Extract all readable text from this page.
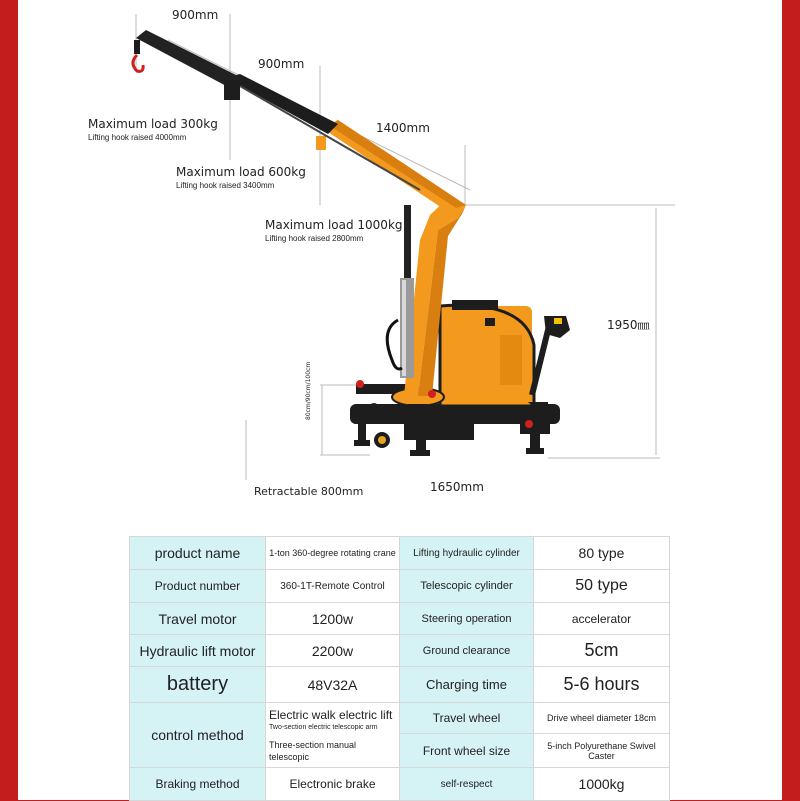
900mm
900mm
1400mm
1950㎜
1650mm
Retractable 800mm
80cm/90cm/100cm
Maximum load 300kg
Lifting hook raised 4000mm
Maximum load 600kg
Lifting hook raised 3400mm
Maximum load 1000kg
Lifting hook raised 2800mm
product name	1-ton 360-degree rotating crane	Lifting hydraulic cylinder	80 type
Product number	360-1T-Remote Control	Telescopic cylinder	50 type
Travel motor	1200w	Steering operation	accelerator
Hydraulic lift motor	2200w	Ground clearance	5cm
battery	48V32A	Charging time	5-6 hours
control method	Electric walk electric lift
Two-section electric telescopic arm
Three-section manual telescopic	Travel wheel	Drive wheel diameter 18cm
		Front wheel size	5-inch Polyurethane Swivel Caster
Braking method	Electronic brake	self-respect	1000kg
